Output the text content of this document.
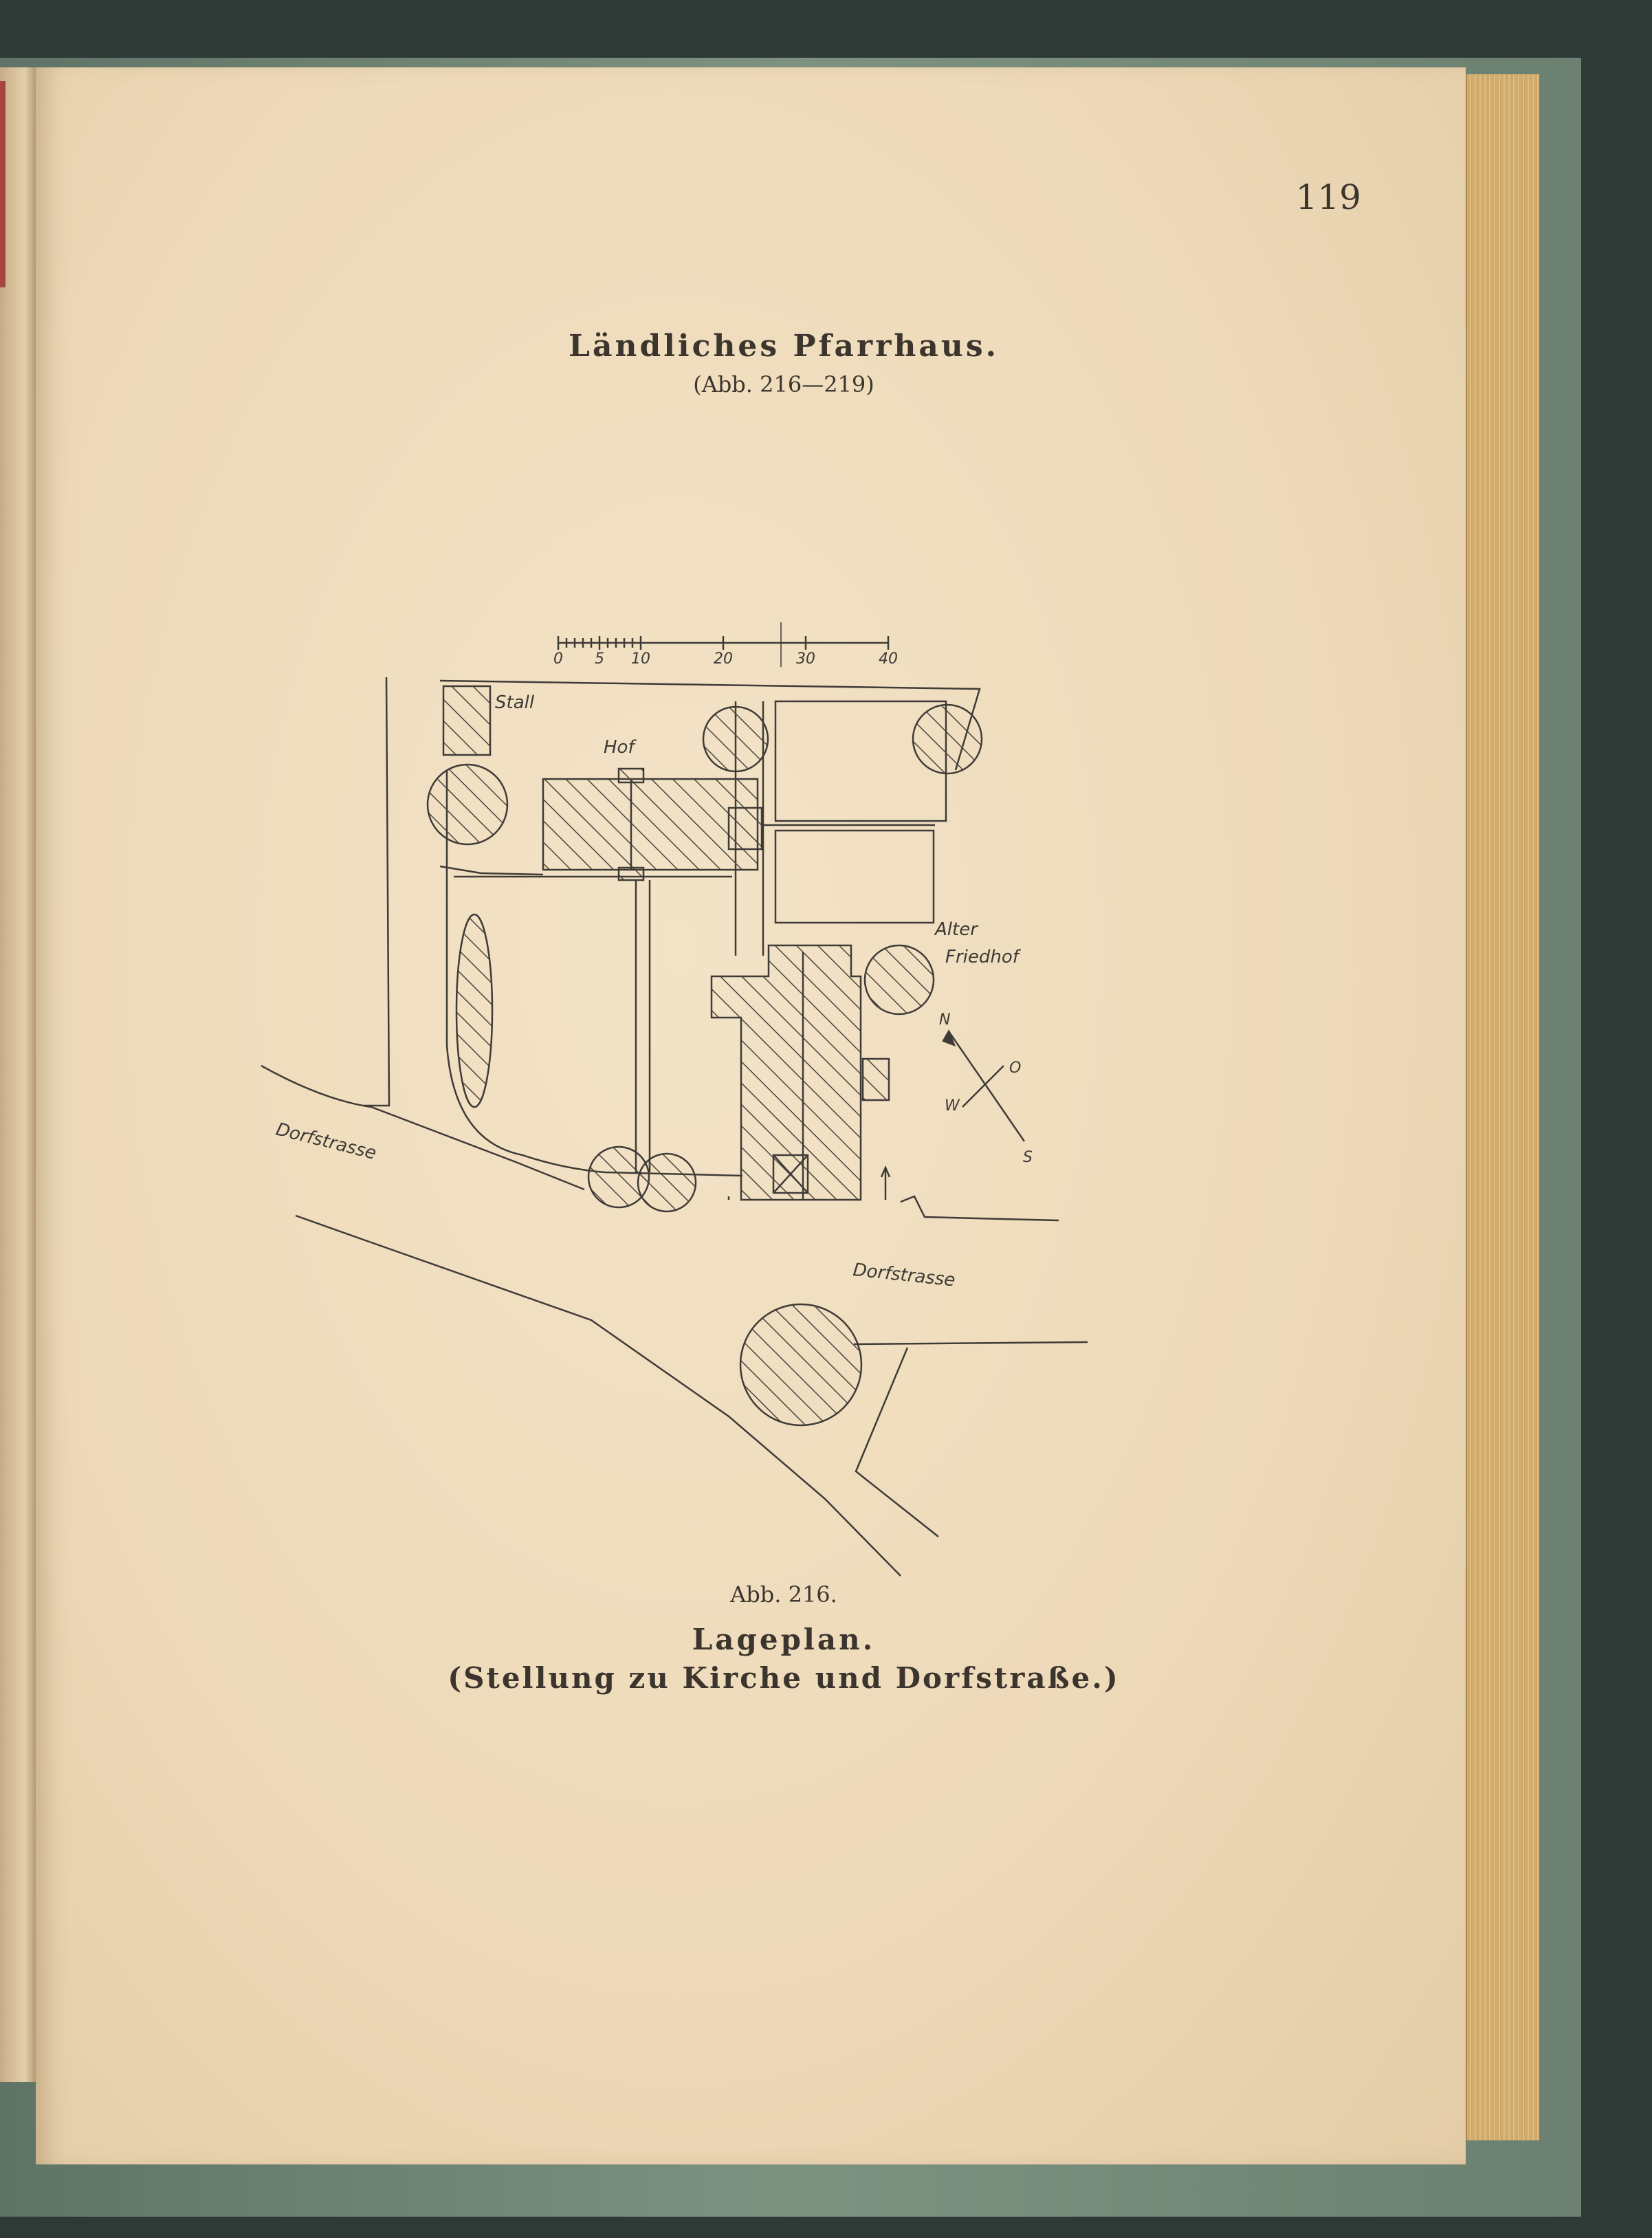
119
Ländliches Pfarrhaus.
(Abb. 216—219)
0 5 10	20	30	40
Stall
Hof
Alter
Friedhof
Dorfstrasse
Dorfstrasse
N
O
S
W
Abb. 216.
Lageplan.
(Stellung zu Kirche und Dorfstraße.)
